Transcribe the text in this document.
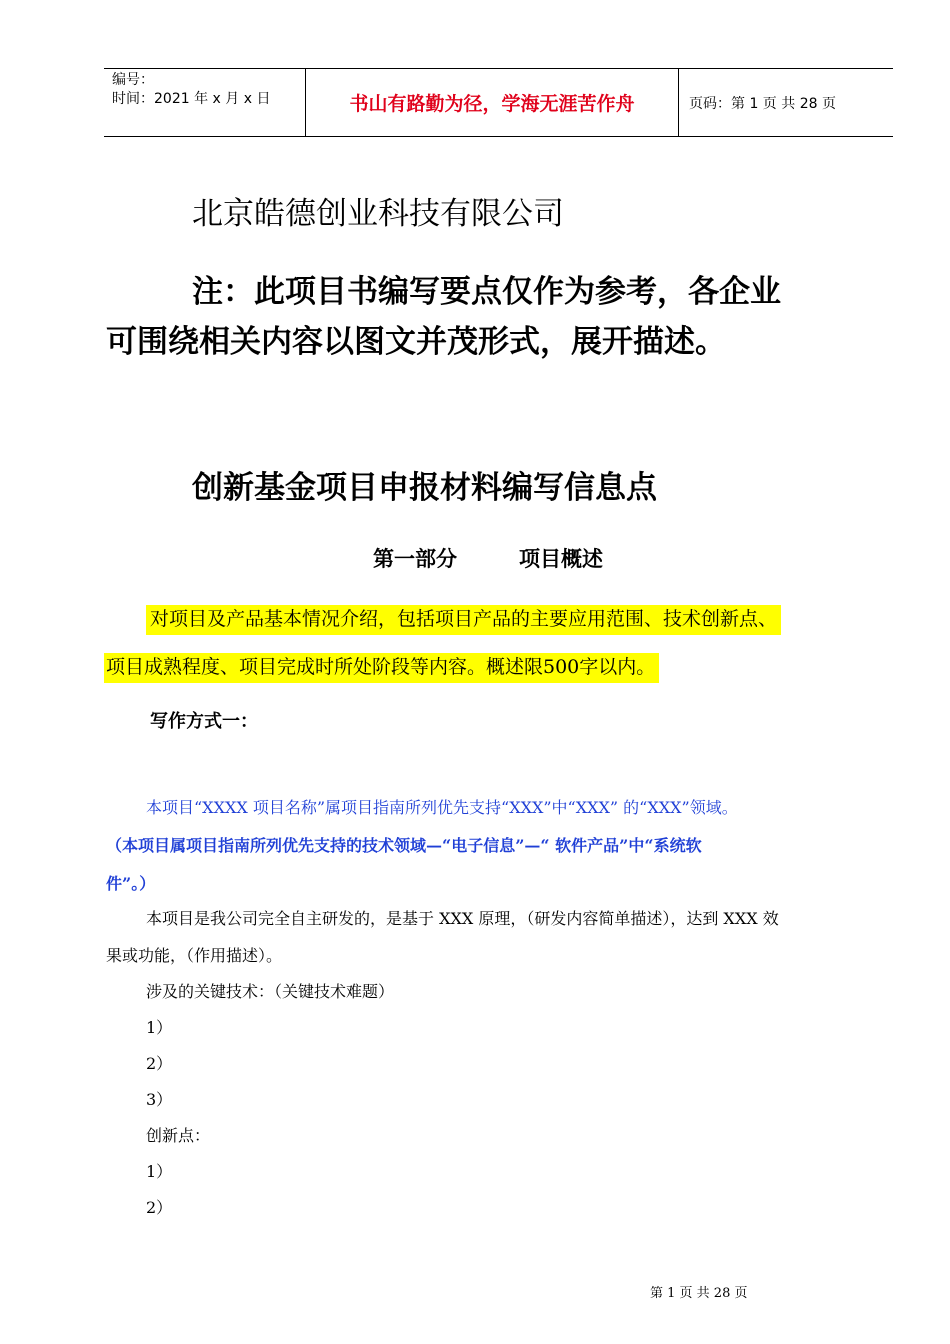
编号：
时间：2021 年 x 月 x 日	书山有路勤为径，学海无涯苦作舟	页码：第 1 页 共 28 页
北京皓德创业科技有限公司
注：此项目书编写要点仅作为参考，各企业
可围绕相关内容以图文并茂形式，展开描述。
创新基金项目申报材料编写信息点
第一部分	项目概述
对项目及产品基本情况介绍，包括项目产品的主要应用范围、技术创新点、
项目成熟程度、项目完成时所处阶段等内容。概述限500字以内。
写作方式一：
本项目“XXXX 项目名称”属项目指南所列优先支持“XXX”中“XXX” 的“XXX”领域。
（本项目属项目指南所列优先支持的技术领域—“电子信息”—“ 软件产品”中“系统软
件”。）
本项目是我公司完全自主研发的，是基于 XXX 原理，（研发内容简单描述），达到 XXX 效
果或功能，（作用描述）。
涉及的关键技术：（关键技术难题）
1）
2）
3）
创新点：
1）
2）
第 1 页 共 28 页
